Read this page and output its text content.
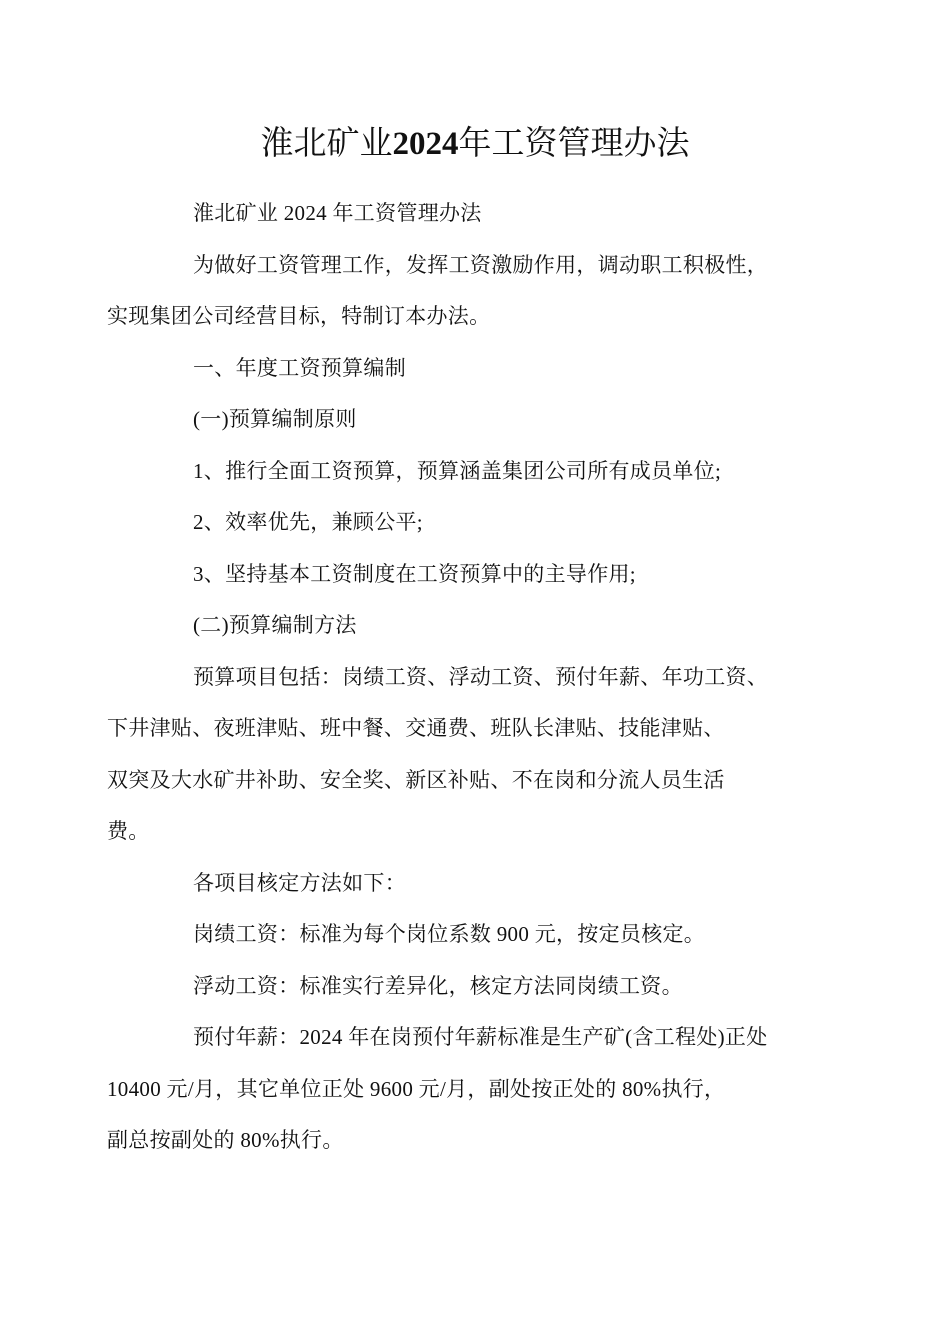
淮北矿业2024年工资管理办法

淮北矿业 2024 年工资管理办法

为做好工资管理工作，发挥工资激励作用，调动职工积极性，
实现集团公司经营目标，特制订本办法。

一、年度工资预算编制

(一)预算编制原则

1、推行全面工资预算，预算涵盖集团公司所有成员单位;

2、效率优先，兼顾公平;

3、坚持基本工资制度在工资预算中的主导作用;

(二)预算编制方法

预算项目包括：岗绩工资、浮动工资、预付年薪、年功工资、
下井津贴、夜班津贴、班中餐、交通费、班队长津贴、技能津贴、
双突及大水矿井补助、安全奖、新区补贴、不在岗和分流人员生活
费。

各项目核定方法如下：

岗绩工资：标准为每个岗位系数 900 元，按定员核定。

浮动工资：标准实行差异化，核定方法同岗绩工资。

预付年薪：2024 年在岗预付年薪标准是生产矿(含工程处)正处
10400 元/月，其它单位正处 9600 元/月，副处按正处的 80%执行，
副总按副处的 80%执行。
